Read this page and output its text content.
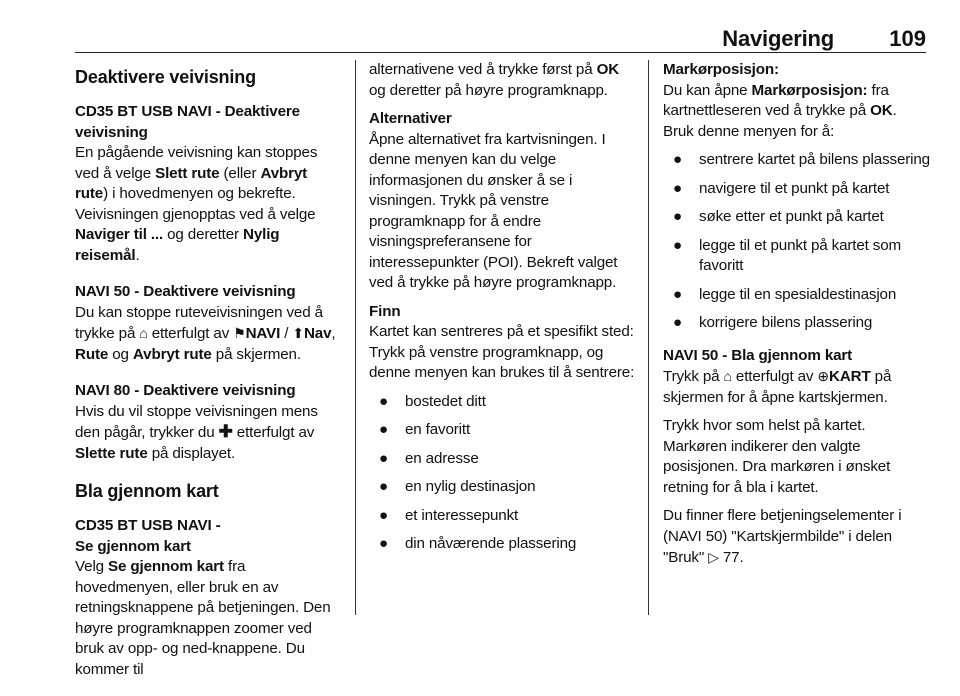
Navigering	109
Deaktivere veivisning

CD35 BT USB NAVI - Deaktivere veivisning
En pågående veivisning kan stoppes ved å velge Slett rute (eller Avbryt rute) i hovedmenyen og bekrefte. Veivisningen gjenopptas ved å velge Naviger til ... og deretter Nylig reisemål.

NAVI 50 - Deaktivere veivisning
Du kan stoppe ruteveivisningen ved å trykke på ⌂ etterfulgt av ⚑NAVI / ⬆Nav, Rute og Avbryt rute på skjermen.

NAVI 80 - Deaktivere veivisning
Hvis du vil stoppe veivisningen mens den pågår, trykker du ✚ etterfulgt av Slette rute på displayet.

Bla gjennom kart

CD35 BT USB NAVI -
Se gjennom kart
Velg Se gjennom kart fra hovedmenyen, eller bruk en av retningsknappene på betjeningen. Den høyre programknappen zoomer ved bruk av opp- og ned-knappene. Du kommer til

alternativene ved å trykke først på OK og deretter på høyre programknapp.

Alternativer
Åpne alternativet fra kartvisningen. I denne menyen kan du velge informasjonen du ønsker å se i visningen. Trykk på venstre programknapp for å endre visningspreferansene for interessepunkter (POI). Bekreft valget ved å trykke på høyre programknapp.

Finn
Kartet kan sentreres på et spesifikt sted: Trykk på venstre programknapp, og denne menyen kan brukes til å sentrere:

● bostedet ditt
● en favoritt
● en adresse
● en nylig destinasjon
● et interessepunkt
● din nåværende plassering

Markørposisjon:
Du kan åpne Markørposisjon: fra kartnettleseren ved å trykke på OK. Bruk denne menyen for å:

● sentrere kartet på bilens plassering
● navigere til et punkt på kartet
● søke etter et punkt på kartet
● legge til et punkt på kartet som favoritt
● legge til en spesialdestinasjon
● korrigere bilens plassering

NAVI 50 - Bla gjennom kart
Trykk på ⌂ etterfulgt av ⊕KART på skjermen for å åpne kartskjermen.

Trykk hvor som helst på kartet. Markøren indikerer den valgte posisjonen. Dra markøren i ønsket retning for å bla i kartet.

Du finner flere betjeningselementer i (NAVI 50) "Kartskjermbilde" i delen "Bruk" ▷ 77.
